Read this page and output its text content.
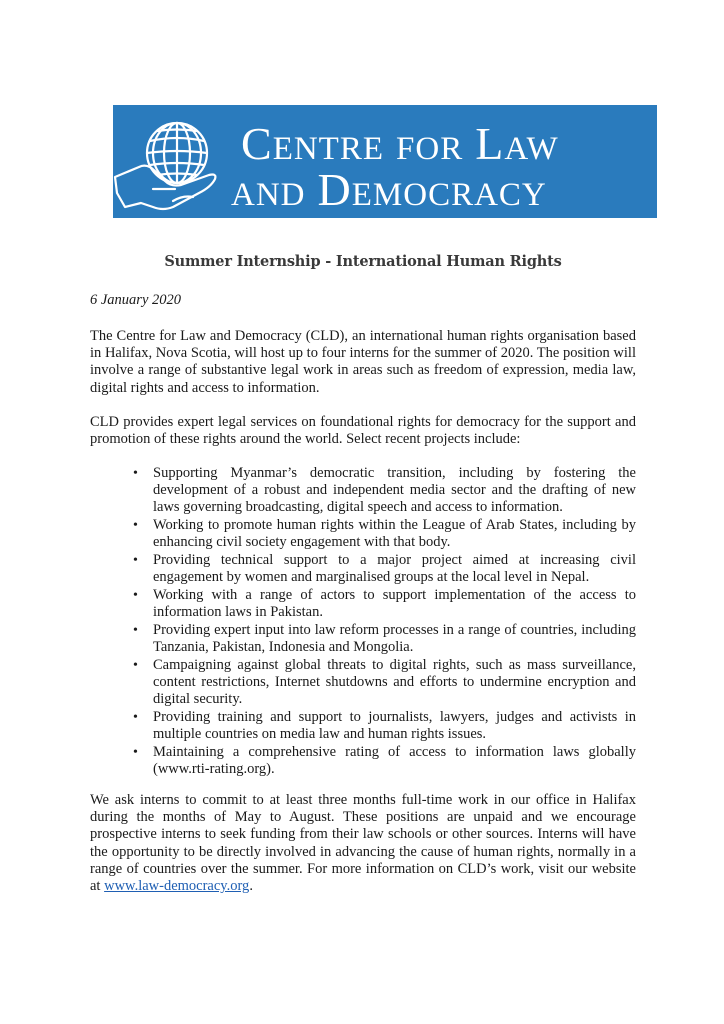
CENTRE FOR LAW
AND DEMOCRACY
Summer Internship - International Human Rights
6 January 2020

The Centre for Law and Democracy (CLD), an international human rights organisation based in Halifax, Nova Scotia, will host up to four interns for the summer of 2020. The position will involve a range of substantive legal work in areas such as freedom of expression, media law, digital rights and access to information.

CLD provides expert legal services on foundational rights for democracy for the support and promotion of these rights around the world. Select recent projects include:

• Supporting Myanmar’s democratic transition, including by fostering the development of a robust and independent media sector and the drafting of new laws governing broadcasting, digital speech and access to information.
• Working to promote human rights within the League of Arab States, including by enhancing civil society engagement with that body.
• Providing technical support to a major project aimed at increasing civil engagement by women and marginalised groups at the local level in Nepal.
• Working with a range of actors to support implementation of the access to information laws in Pakistan.
• Providing expert input into law reform processes in a range of countries, including Tanzania, Pakistan, Indonesia and Mongolia.
• Campaigning against global threats to digital rights, such as mass surveillance, content restrictions, Internet shutdowns and efforts to undermine encryption and digital security.
• Providing training and support to journalists, lawyers, judges and activists in multiple countries on media law and human rights issues.
• Maintaining a comprehensive rating of access to information laws globally (www.rti-rating.org).

We ask interns to commit to at least three months full-time work in our office in Halifax during the months of May to August. These positions are unpaid and we encourage prospective interns to seek funding from their law schools or other sources. Interns will have the opportunity to be directly involved in advancing the cause of human rights, normally in a range of countries over the summer. For more information on CLD’s work, visit our website at www.law-democracy.org.
